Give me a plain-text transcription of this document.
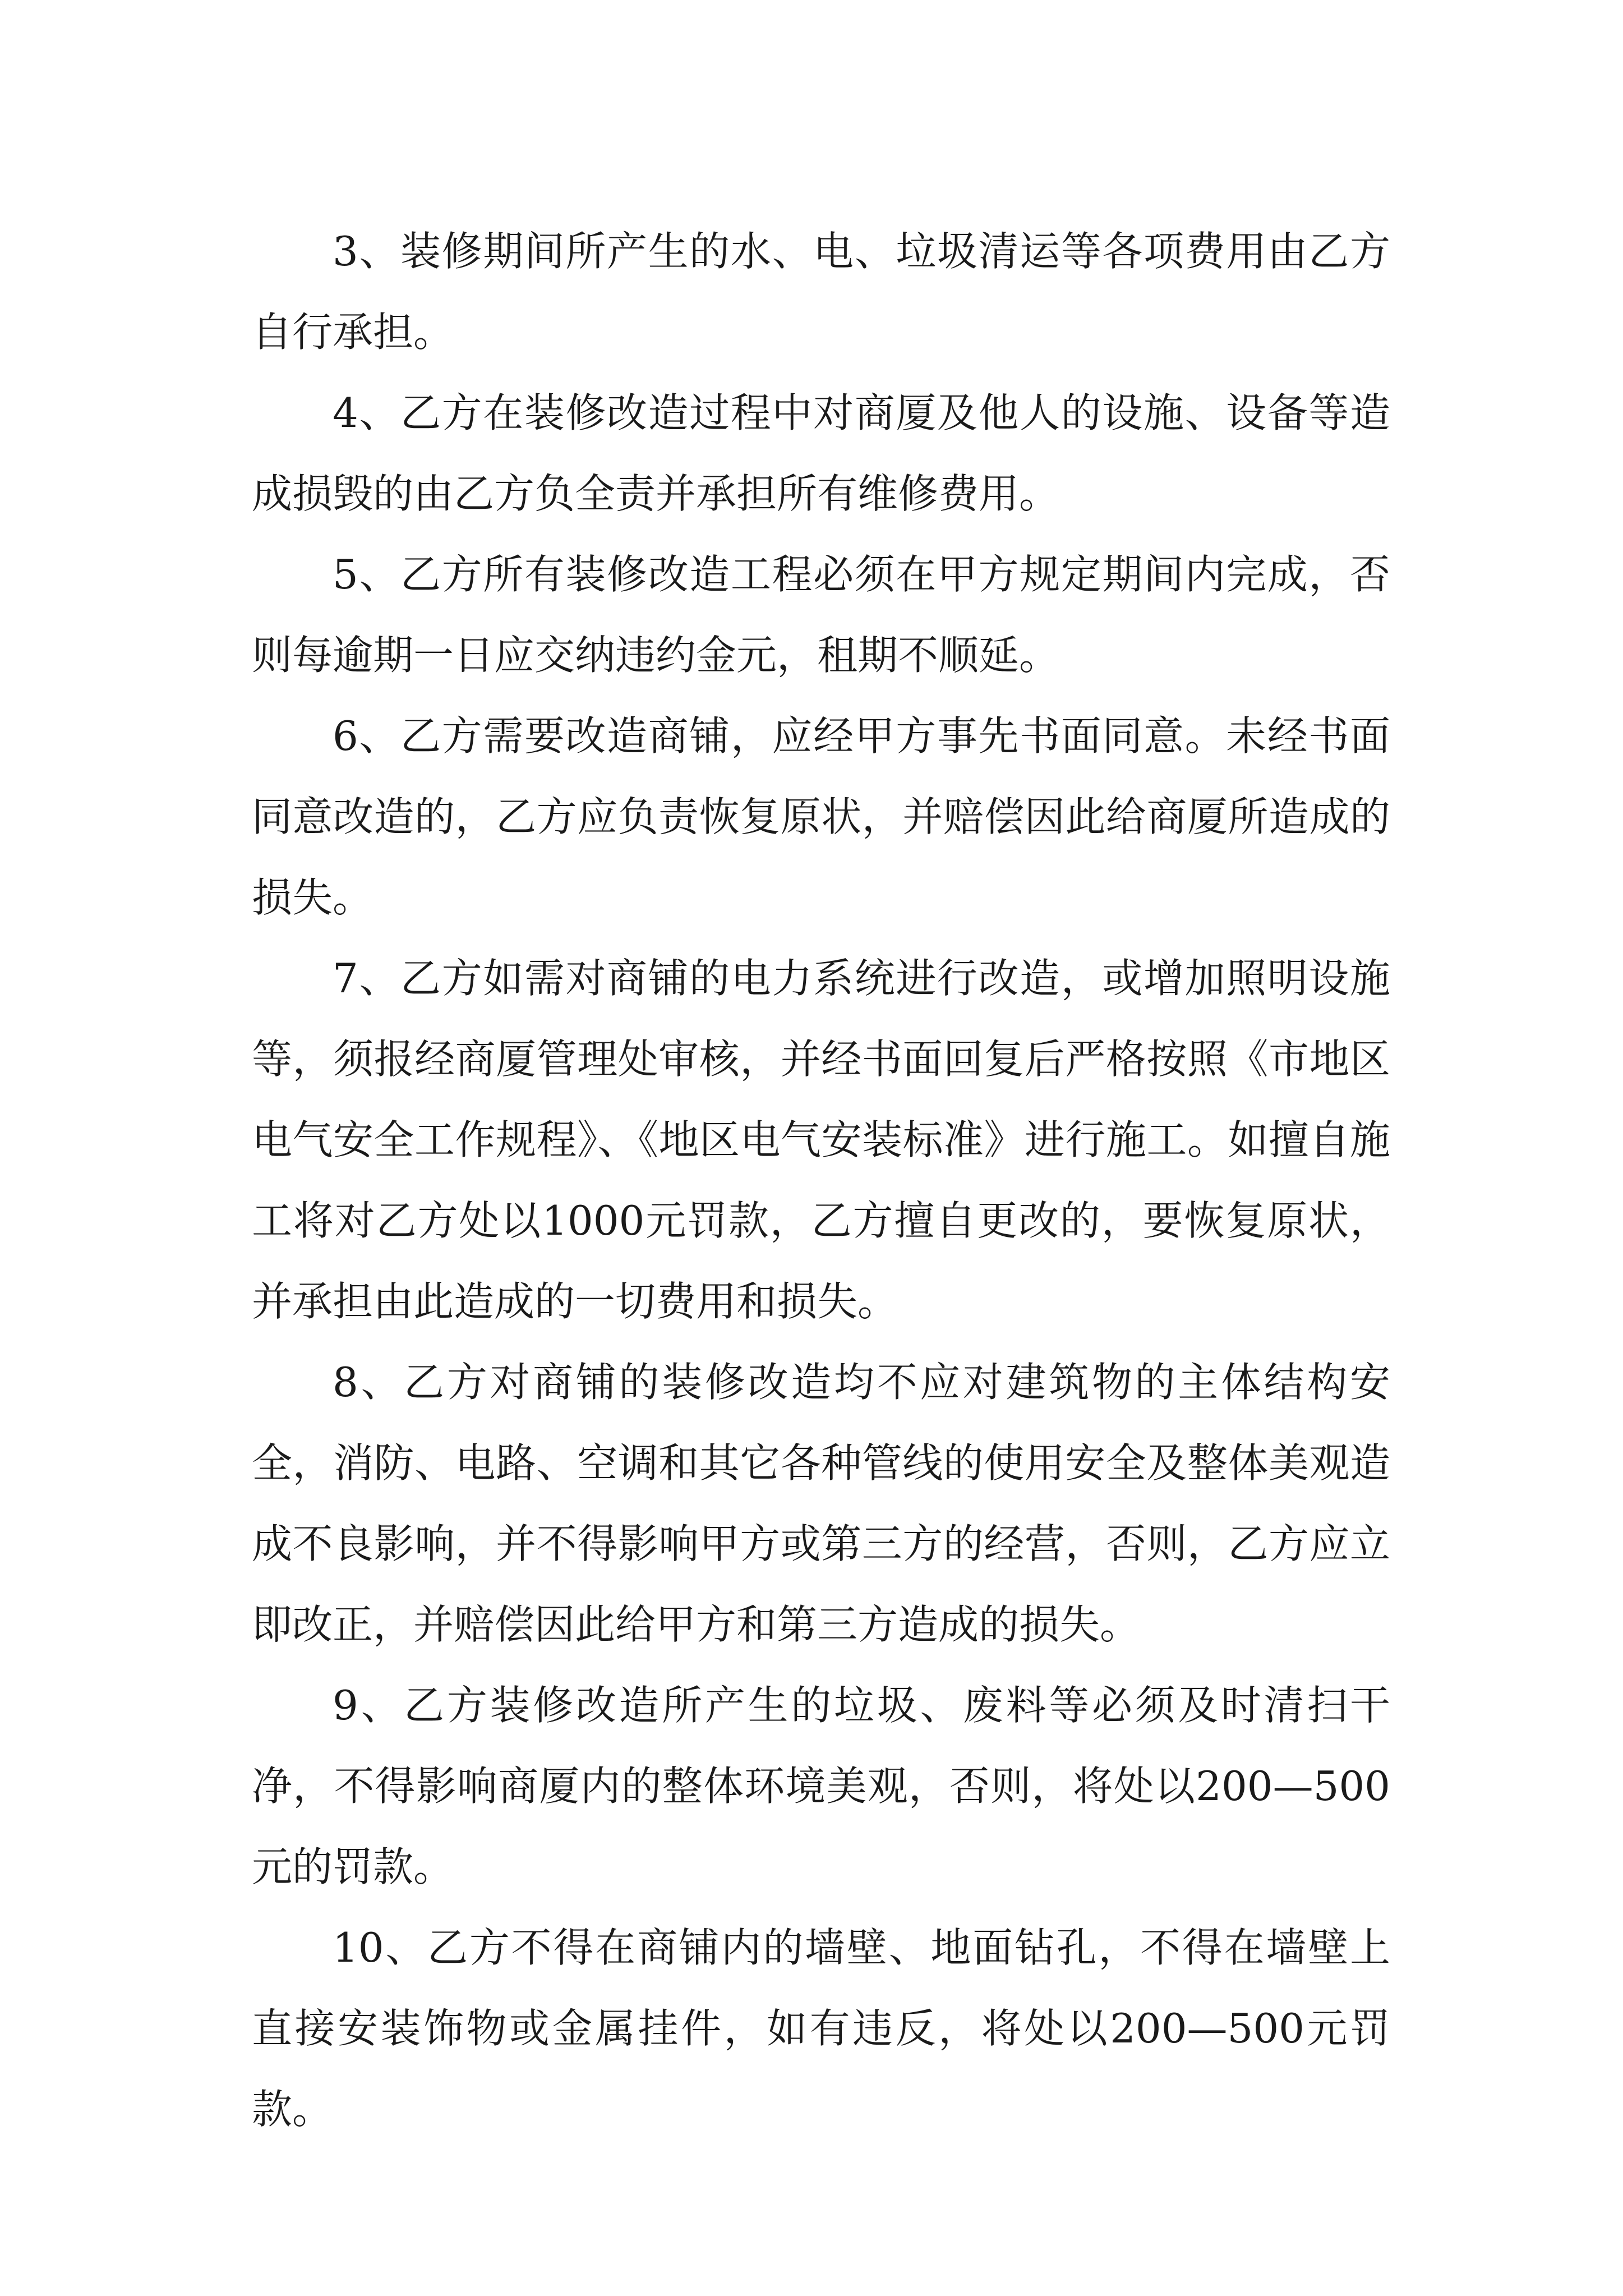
3、装修期间所产生的水、电、垃圾清运等各项费用由乙方自行承担。

4、乙方在装修改造过程中对商厦及他人的设施、设备等造成损毁的由乙方负全责并承担所有维修费用。

5、乙方所有装修改造工程必须在甲方规定期间内完成，否则每逾期一日应交纳违约金元，租期不顺延。

6、乙方需要改造商铺，应经甲方事先书面同意。未经书面同意改造的，乙方应负责恢复原状，并赔偿因此给商厦所造成的损失。

7、乙方如需对商铺的电力系统进行改造，或增加照明设施等，须报经商厦管理处审核，并经书面回复后严格按照《市地区电气安全工作规程》、《地区电气安装标准》进行施工。如擅自施工将对乙方处以1000元罚款，乙方擅自更改的，要恢复原状，并承担由此造成的一切费用和损失。

8、乙方对商铺的装修改造均不应对建筑物的主体结构安全，消防、电路、空调和其它各种管线的使用安全及整体美观造成不良影响，并不得影响甲方或第三方的经营，否则，乙方应立即改正，并赔偿因此给甲方和第三方造成的损失。

9、乙方装修改造所产生的垃圾、废料等必须及时清扫干净，不得影响商厦内的整体环境美观，否则，将处以200—500元的罚款。

10、乙方不得在商铺内的墙壁、地面钻孔，不得在墙壁上直接安装饰物或金属挂件，如有违反，将处以200—500元罚款。
